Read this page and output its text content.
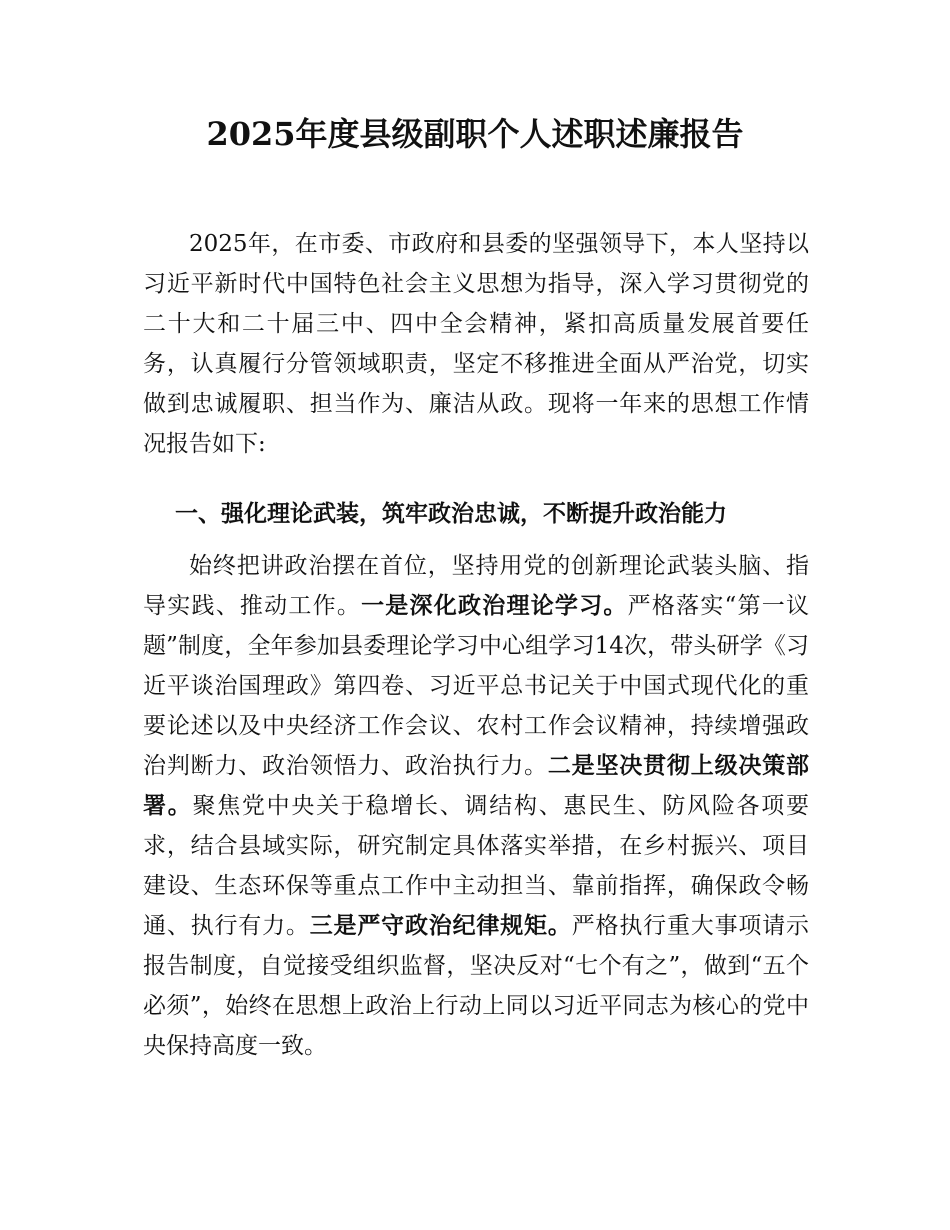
2025年度县级副职个人述职述廉报告

2025年，在市委、市政府和县委的坚强领导下，本人坚持以习近平新时代中国特色社会主义思想为指导，深入学习贯彻党的二十大和二十届三中、四中全会精神，紧扣高质量发展首要任务，认真履行分管领域职责，坚定不移推进全面从严治党，切实做到忠诚履职、担当作为、廉洁从政。现将一年来的思想工作情况报告如下:

一、强化理论武装，筑牢政治忠诚，不断提升政治能力

始终把讲政治摆在首位，坚持用党的创新理论武装头脑、指导实践、推动工作。一是深化政治理论学习。严格落实“第一议题”制度，全年参加县委理论学习中心组学习14次，带头研学《习近平谈治国理政》第四卷、习近平总书记关于中国式现代化的重要论述以及中央经济工作会议、农村工作会议精神，持续增强政治判断力、政治领悟力、政治执行力。二是坚决贯彻上级决策部署。聚焦党中央关于稳增长、调结构、惠民生、防风险各项要求，结合县域实际，研究制定具体落实举措，在乡村振兴、项目建设、生态环保等重点工作中主动担当、靠前指挥，确保政令畅通、执行有力。三是严守政治纪律规矩。严格执行重大事项请示报告制度，自觉接受组织监督，坚决反对“七个有之”，做到“五个必须”，始终在思想上政治上行动上同以习近平同志为核心的党中央保持高度一致。
